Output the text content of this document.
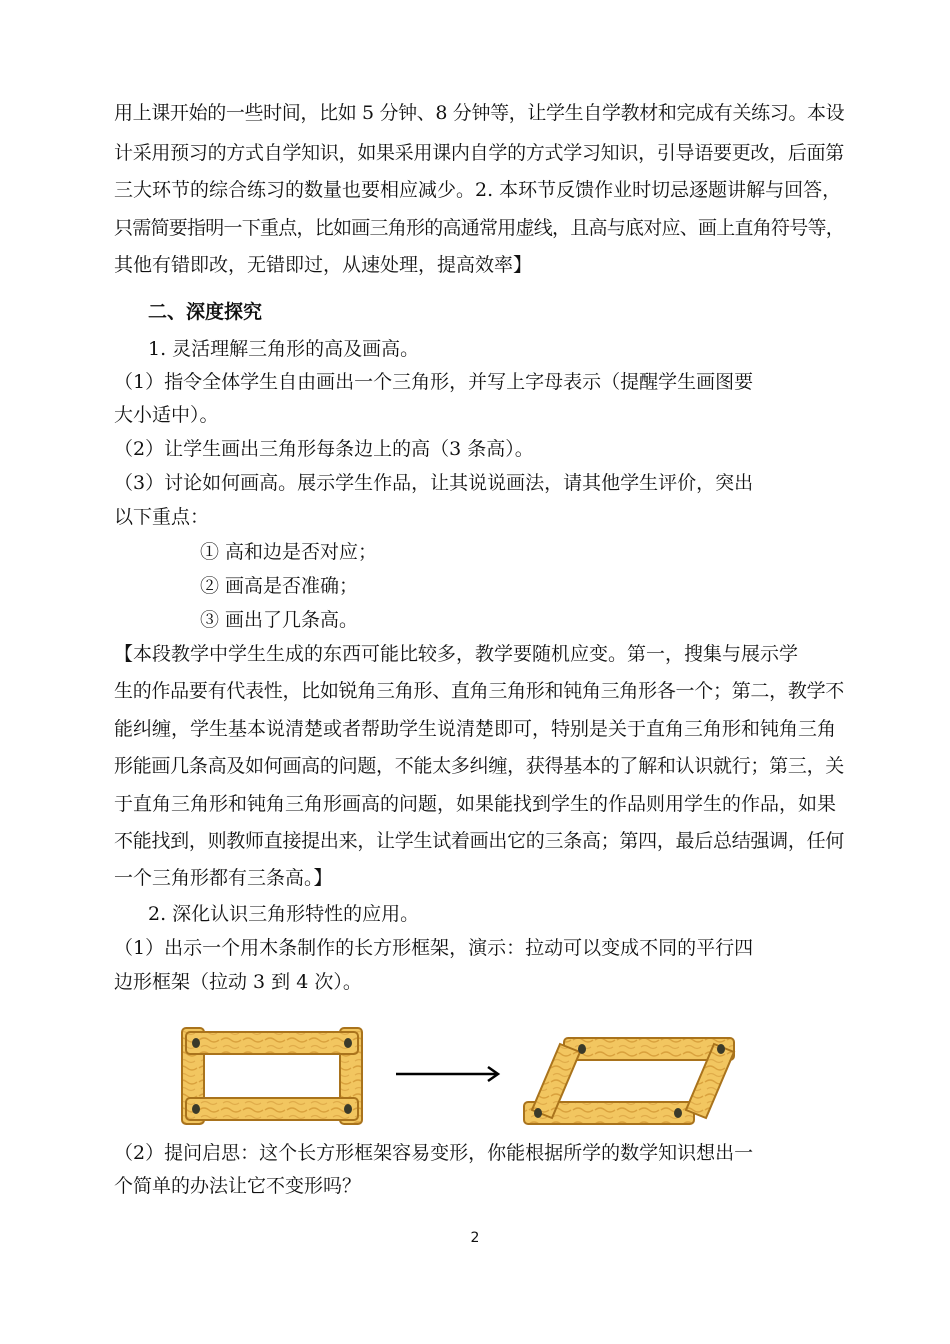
用上课开始的一些时间，比如 5 分钟、8 分钟等，让学生自学教材和完成有关练习。本设
计采用预习的方式自学知识，如果采用课内自学的方式学习知识，引导语要更改，后面第
三大环节的综合练习的数量也要相应减少。2. 本环节反馈作业时切忌逐题讲解与回答，
只需简要指明一下重点，比如画三角形的高通常用虚线，且高与底对应、画上直角符号等，
其他有错即改，无错即过，从速处理，提高效率】
二、深度探究
1. 灵活理解三角形的高及画高。
（1）指令全体学生自由画出一个三角形，并写上字母表示（提醒学生画图要
大小适中）。
（2）让学生画出三角形每条边上的高（3 条高）。
（3）讨论如何画高。展示学生作品，让其说说画法，请其他学生评价，突出
以下重点：
① 高和边是否对应；
② 画高是否准确；
③ 画出了几条高。
【本段教学中学生生成的东西可能比较多，教学要随机应变。第一，搜集与展示学
生的作品要有代表性，比如锐角三角形、直角三角形和钝角三角形各一个；第二，教学不
能纠缠，学生基本说清楚或者帮助学生说清楚即可，特别是关于直角三角形和钝角三角
形能画几条高及如何画高的问题，不能太多纠缠，获得基本的了解和认识就行；第三，关
于直角三角形和钝角三角形画高的问题，如果能找到学生的作品则用学生的作品，如果
不能找到，则教师直接提出来，让学生试着画出它的三条高；第四，最后总结强调，任何
一个三角形都有三条高。】
2. 深化认识三角形特性的应用。
（1）出示一个用木条制作的长方形框架，演示：拉动可以变成不同的平行四
边形框架（拉动 3 到 4 次）。
（2）提问启思：这个长方形框架容易变形，你能根据所学的数学知识想出一
个简单的办法让它不变形吗？
2
